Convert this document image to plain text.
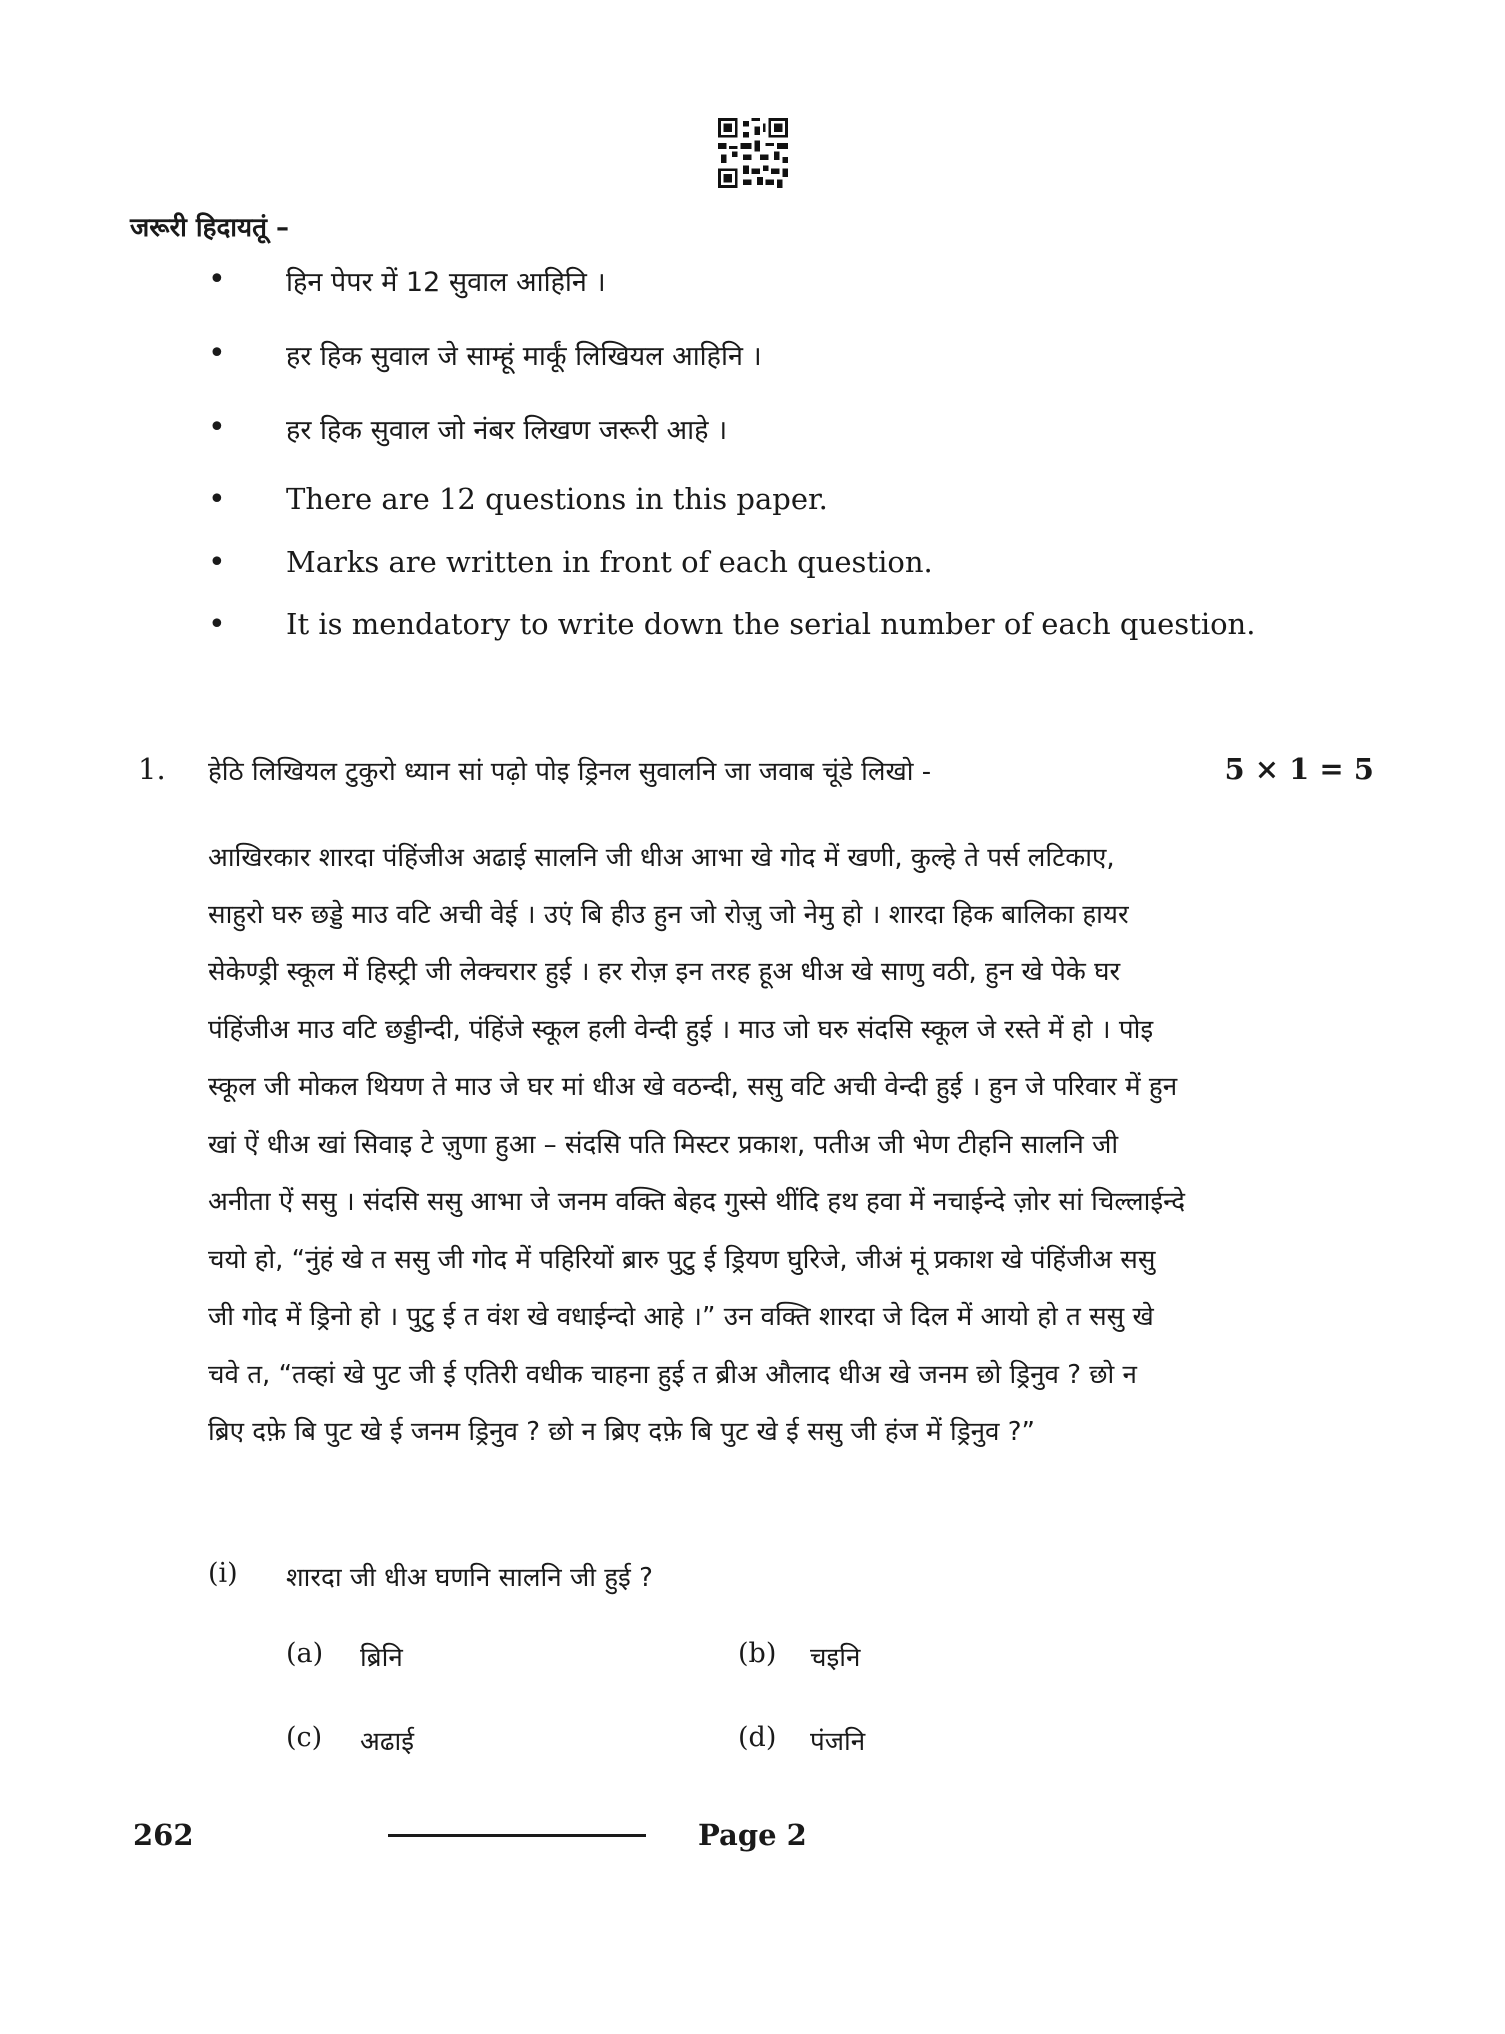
जरूरी हिदायतूं –
• हिन पेपर में 12 सुवाल आहिनि ।
• हर हिक सुवाल जे साम्हूं मार्कूं लिखियल आहिनि ।
• हर हिक सुवाल जो नंबर लिखण जरूरी आहे ।
• There are 12 questions in this paper.
• Marks are written in front of each question.
• It is mendatory to write down the serial number of each question.
1. हेठि लिखियल टुकुरो ध्यान सां पढ़ो पोइ ड्रिनल सुवालनि जा जवाब चूंडे लिखो -	5 × 1 = 5
आखिरकार शारदा पंहिंजीअ अढाई सालनि जी धीअ आभा खे गोद में खणी, कुल्हे ते पर्स लटिकाए,
साहुरो घरु छड्डे माउ वटि अची वेई । उएं बि हीउ हुन जो रोज़ु जो नेमु हो । शारदा हिक बालिका हायर
सेकेण्ड्री स्कूल में हिस्ट्री जी लेक्चरार हुई । हर रोज़ इन तरह हूअ धीअ खे साणु वठी, हुन खे पेके घर
पंहिंजीअ माउ वटि छड्डीन्दी, पंहिंजे स्कूल हली वेन्दी हुई । माउ जो घरु संदसि स्कूल जे रस्ते में हो । पोइ
स्कूल जी मोकल थियण ते माउ जे घर मां धीअ खे वठन्दी, ससु वटि अची वेन्दी हुई । हुन जे परिवार में हुन
खां ऐं धीअ खां सिवाइ टे ज़ुणा हुआ – संदसि पति मिस्टर प्रकाश, पतीअ जी भेण टीहनि सालनि जी
अनीता ऐं ससु । संदसि ससु आभा जे जनम वक्ति बेहद गुस्से थींदि हथ हवा में नचाईन्दे ज़ोर सां चिल्लाईन्दे
चयो हो, “नुंहं खे त ससु जी गोद में पहिरियों ब्रारु पुटु ई ड्रियण घुरिजे, जीअं मूं प्रकाश खे पंहिंजीअ ससु
जी गोद में ड्रिनो हो । पुटु ई त वंश खे वधाईन्दो आहे ।” उन वक्ति शारदा जे दिल में आयो हो त ससु खे
चवे त, “तव्हां खे पुट जी ई एतिरी वधीक चाहना हुई त ब्रीअ औलाद धीअ खे जनम छो ड्रिनुव ? छो न
ब्रिए दफ़े बि पुट खे ई जनम ड्रिनुव ? छो न ब्रिए दफ़े बि पुट खे ई ससु जी हंज में ड्रिनुव ?”
(i) शारदा जी धीअ घणनि सालनि जी हुई ?
(a) ब्रिनि	(b) चइनि
(c) अढाई	(d) पंजनि
262	Page 2
